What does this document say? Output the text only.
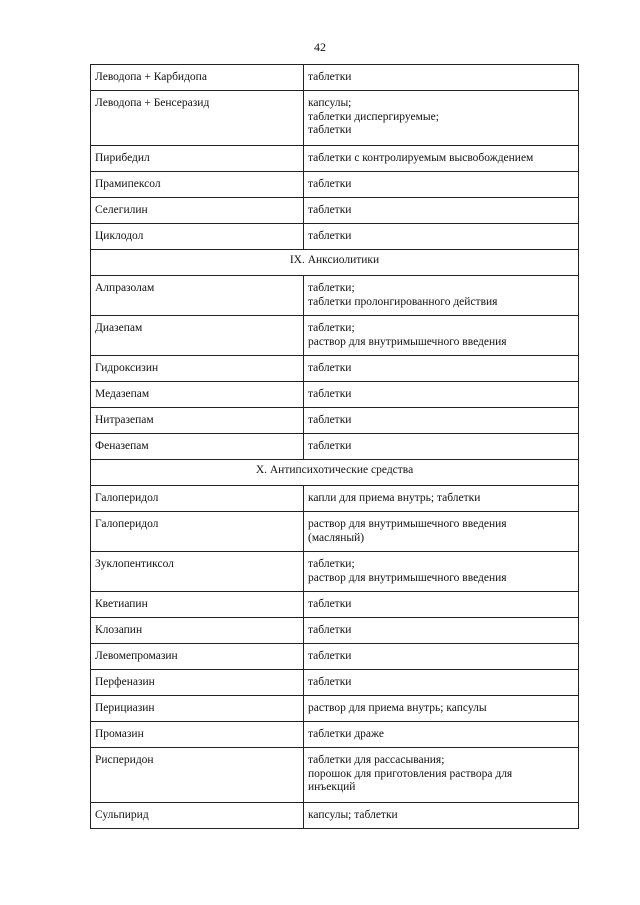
42
Леводопа + Карбидопа	таблетки

Леводопа + Бенсеразид	капсулы;
таблетки диспергируемые;
таблетки

Пирибедил	таблетки с контролируемым высвобождением

Прамипексол	таблетки

Селегилин	таблетки

Циклодол	таблетки

IX. Анксиолитики	
Алпразолам	таблетки;
таблетки пролонгированного действия

Диазепам	таблетки;
раствор для внутримышечного введения

Гидроксизин	таблетки

Медазепам	таблетки

Нитразепам	таблетки

Феназепам	таблетки

X. Антипсихотические средства	
Галоперидол	капли для приема внутрь; таблетки

Галоперидол	раствор для внутримышечного введения
(масляный)

Зуклопентиксол	таблетки;
раствор для внутримышечного введения

Кветиапин	таблетки

Клозапин	таблетки

Левомепромазин	таблетки

Перфеназин	таблетки

Перициазин	раствор для приема внутрь; капсулы

Промазин	таблетки драже

Рисперидон	таблетки для рассасывания;
порошок для приготовления раствора для
инъекций

Сульпирид	капсулы; таблетки
